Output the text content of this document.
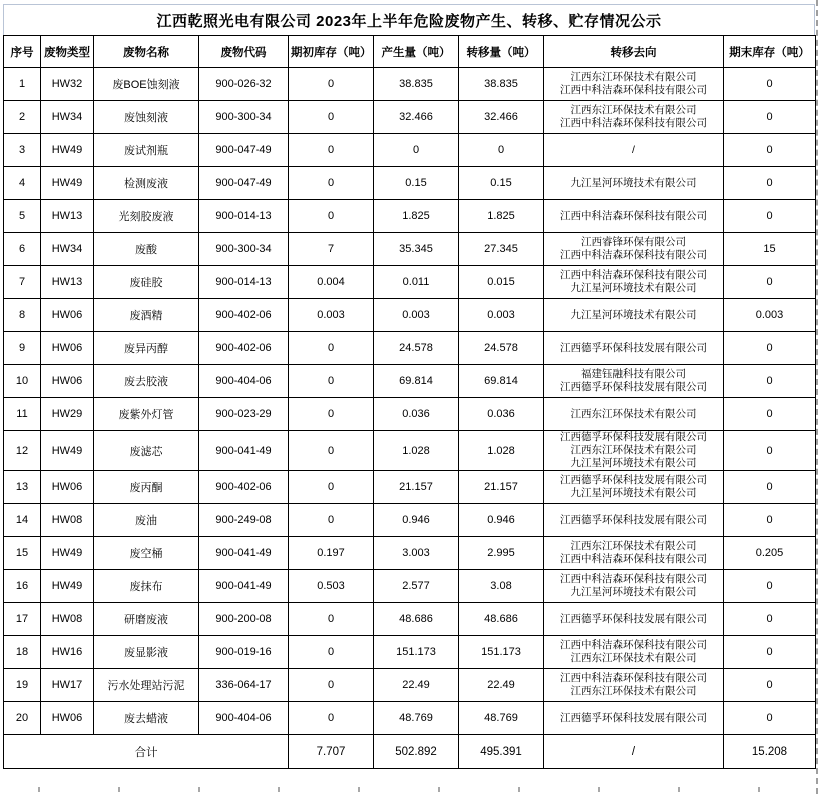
江西乾照光电有限公司 2023年上半年危险废物产生、转移、贮存情况公示
序号	废物类型	废物名称	废物代码	期初库存（吨）	产生量（吨）	转移量（吨）	转移去向	期末库存（吨）
1	HW32	废BOE蚀刻液	900-026-32	0	38.835	38.835	江西东江环保技术有限公司
江西中科洁森环保科技有限公司	0
2	HW34	废蚀刻液	900-300-34	0	32.466	32.466	江西东江环保技术有限公司
江西中科洁森环保科技有限公司	0
3	HW49	废试剂瓶	900-047-49	0	0	0	/	0
4	HW49	检测废液	900-047-49	0	0.15	0.15	九江星河环境技术有限公司	0
5	HW13	光刻胶废液	900-014-13	0	1.825	1.825	江西中科洁森环保科技有限公司	0
6	HW34	废酸	900-300-34	7	35.345	27.345	江西睿锋环保有限公司
江西中科洁森环保科技有限公司	15
7	HW13	废硅胶	900-014-13	0.004	0.011	0.015	江西中科洁森环保科技有限公司
九江星河环境技术有限公司	0
8	HW06	废酒精	900-402-06	0.003	0.003	0.003	九江星河环境技术有限公司	0.003
9	HW06	废异丙醇	900-402-06	0	24.578	24.578	江西德孚环保科技发展有限公司	0
10	HW06	废去胶液	900-404-06	0	69.814	69.814	福建钰融科技有限公司
江西德孚环保科技发展有限公司	0
11	HW29	废紫外灯管	900-023-29	0	0.036	0.036	江西东江环保技术有限公司	0
12	HW49	废滤芯	900-041-49	0	1.028	1.028	江西德孚环保科技发展有限公司
江西东江环保技术有限公司
九江星河环境技术有限公司	0
13	HW06	废丙酮	900-402-06	0	21.157	21.157	江西德孚环保科技发展有限公司
九江星河环境技术有限公司	0
14	HW08	废油	900-249-08	0	0.946	0.946	江西德孚环保科技发展有限公司	0
15	HW49	废空桶	900-041-49	0.197	3.003	2.995	江西东江环保技术有限公司
江西中科洁森环保科技有限公司	0.205
16	HW49	废抹布	900-041-49	0.503	2.577	3.08	江西中科洁森环保科技有限公司
九江星河环境技术有限公司	0
17	HW08	研磨废液	900-200-08	0	48.686	48.686	江西德孚环保科技发展有限公司	0
18	HW16	废显影液	900-019-16	0	151.173	151.173	江西中科洁森环保科技有限公司
江西东江环保技术有限公司	0
19	HW17	污水处理站污泥	336-064-17	0	22.49	22.49	江西中科洁森环保科技有限公司
江西东江环保技术有限公司	0
20	HW06	废去蜡液	900-404-06	0	48.769	48.769	江西德孚环保科技发展有限公司	0
合计				7.707	502.892	495.391	/	15.208
